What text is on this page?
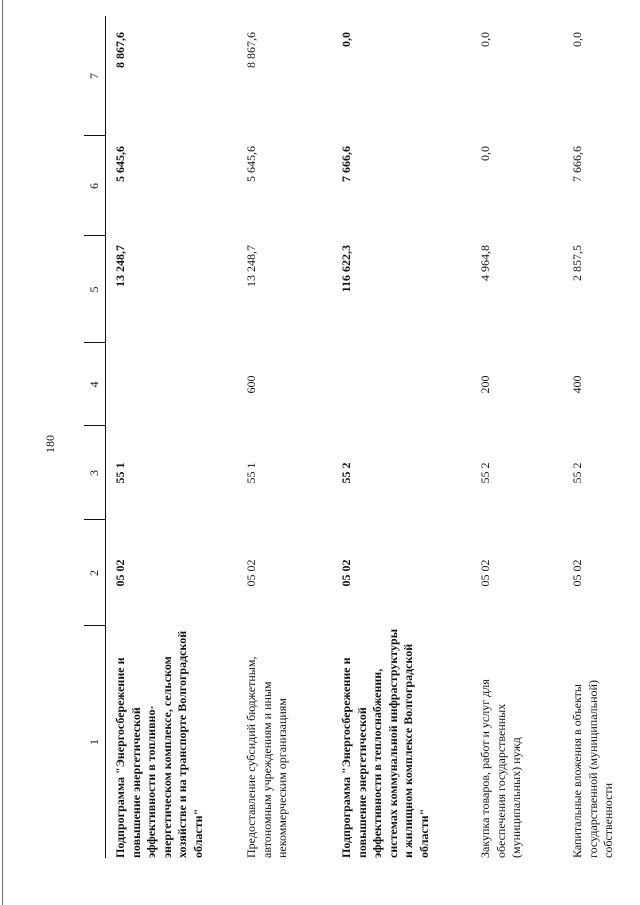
180
1
2
3
4
5
6
7
Подпрограмма "Энергосбережение и повышение энергетической эффективности в топливно-энергетическом комплексе, сельском хозяйстве и на транспорте Волгоградской области"
05 02
55 1
13 248,7
5 645,6
8 867,6
Предоставление субсидий бюджетным, автономным учреждениям и иным некоммерческим организациям
05 02
55 1
600
13 248,7
5 645,6
8 867,6
Подпрограмма "Энергосбережение и повышение энергетической эффективности в теплоснабжении, системах коммунальной инфраструктуры и жилищном комплексе Волгоградской области"
05 02
55 2
116 622,3
7 666,6
0,0
Закупка товаров, работ и услуг для обеспечения государственных (муниципальных) нужд
05 02
55 2
200
4 964,8
0,0
0,0
Капитальные вложения в объекты государственной (муниципальной) собственности
05 02
55 2
400
2 857,5
7 666,6
0,0
